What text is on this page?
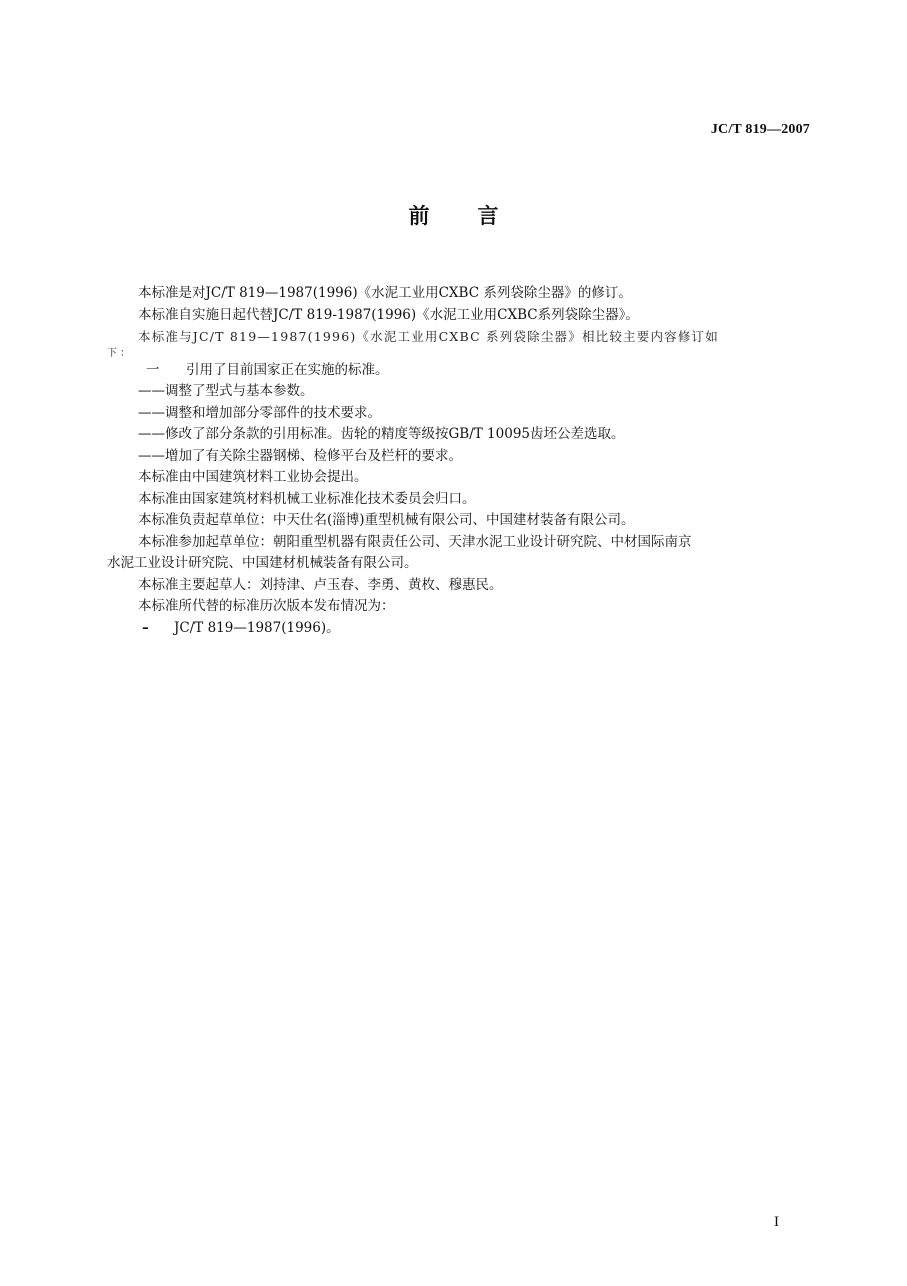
JC/T 819—2007
前 言
本标准是对JC/T 819—1987(1996)《水泥工业用CXBC 系列袋除尘器》的修订。
本标准自实施日起代替JC/T 819-1987(1996)《水泥工业用CXBC系列袋除尘器》。
本标准与JC/T 819—1987(1996)《水泥工业用CXBC 系列袋除尘器》相比较主要内容修订如
下：
一 引用了目前国家正在实施的标准。
——调整了型式与基本参数。
——调整和增加部分零部件的技术要求。
——修改了部分条款的引用标准。齿轮的精度等级按GB/T 10095齿坯公差选取。
——增加了有关除尘器钢梯、检修平台及栏杆的要求。
本标准由中国建筑材料工业协会提出。
本标准由国家建筑材料机械工业标准化技术委员会归口。
本标准负责起草单位：中天仕名(淄博)重型机械有限公司、中国建材装备有限公司。
本标准参加起草单位：朝阳重型机器有限责任公司、天津水泥工业设计研究院、中材国际南京
水泥工业设计研究院、中国建材机械装备有限公司。
本标准主要起草人：刘持津、卢玉春、李勇、黄枚、穆惠民。
本标准所代替的标准历次版本发布情况为：
– JC/T 819—1987(1996)。
I
